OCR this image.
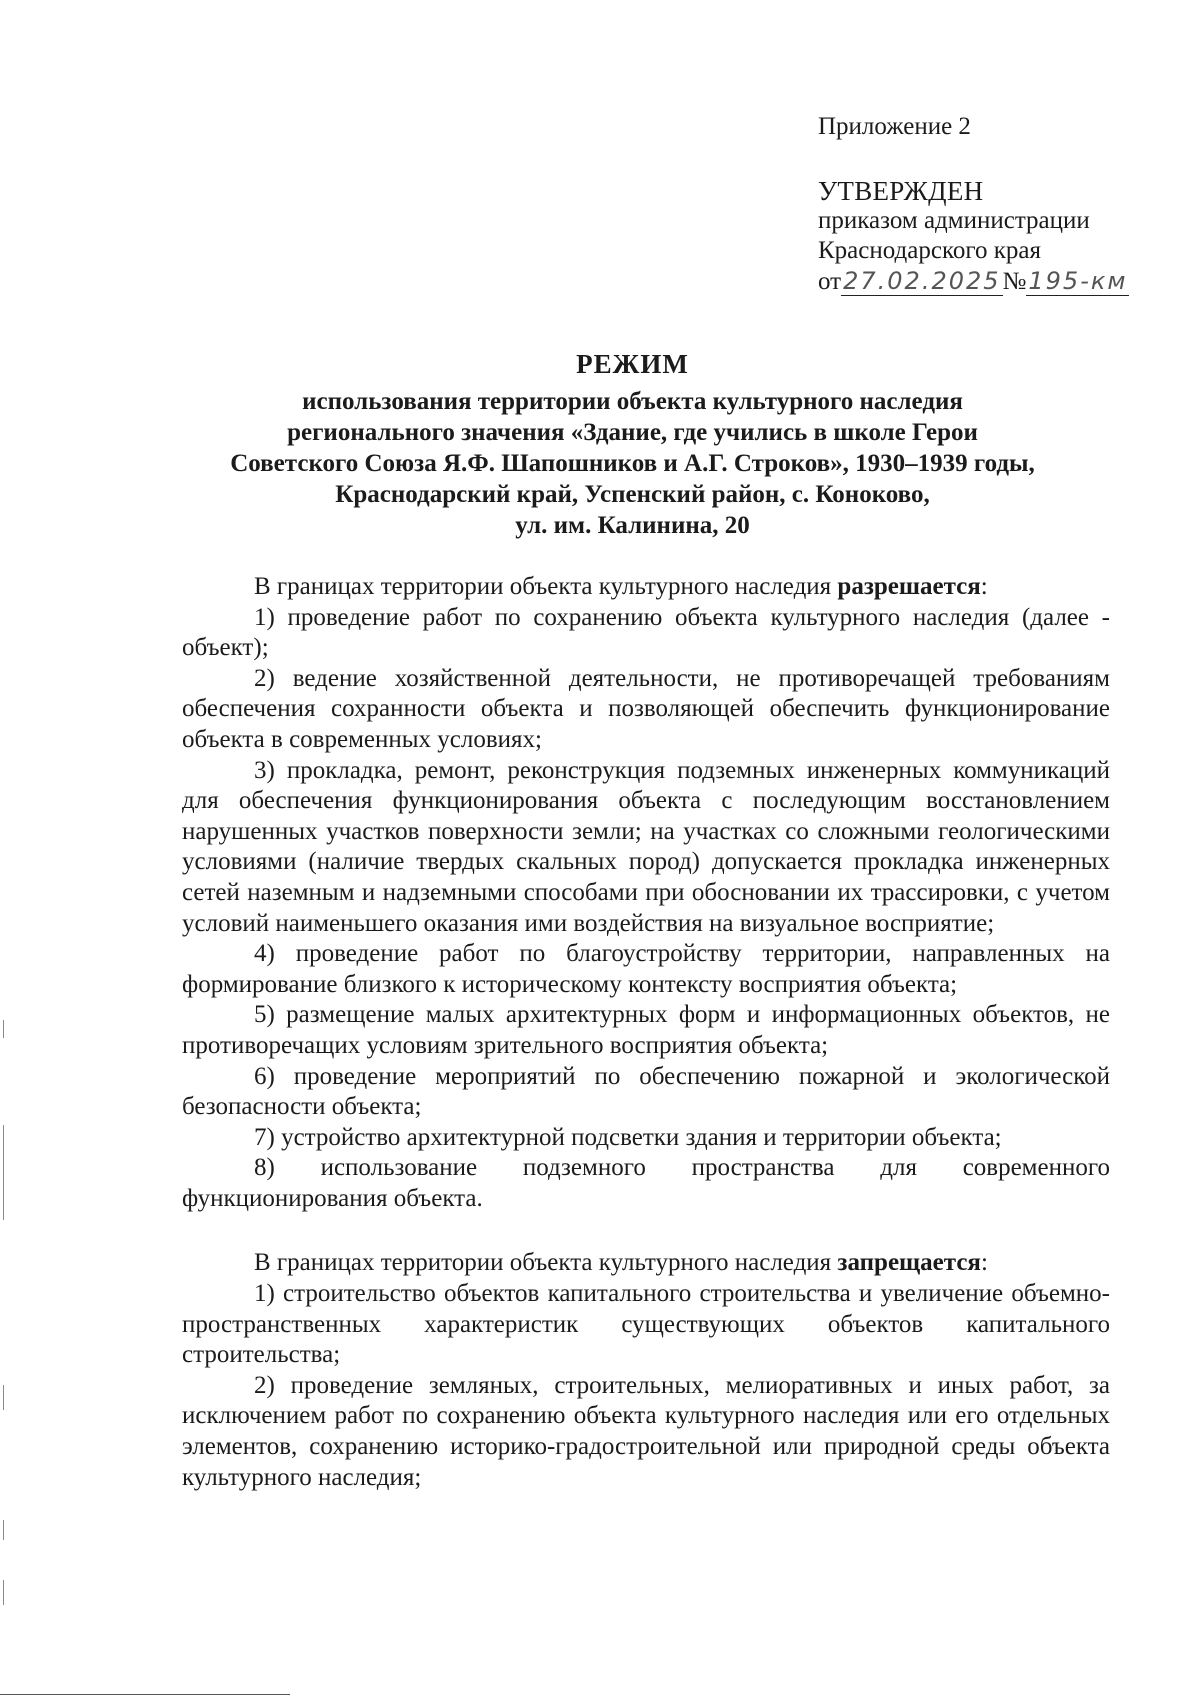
Приложение 2

УТВЕРЖДЕН

приказом администрации

Краснодарского края

от27.02.2025№195-км

РЕЖИМ

использования территории объекта культурного наследия

регионального значения «Здание, где учились в школе Герои

Советского Союза Я.Ф. Шапошников и А.Г. Строков», 1930–1939 годы,

Краснодарский край, Успенский район, с. Коноково,

ул. им. Калинина, 20

В границах территории объекта культурного наследия разрешается:

1) проведение работ по сохранению объекта культурного наследия (далее - объект);

2) ведение хозяйственной деятельности, не противоречащей требованиям обеспечения сохранности объекта и позволяющей обеспечить функционирование объекта в современных условиях;

3) прокладка, ремонт, реконструкция подземных инженерных коммуникаций для обеспечения функционирования объекта с последующим восстановлением нарушенных участков поверхности земли; на участках со сложными геологическими условиями (наличие твердых скальных пород) допускается прокладка инженерных сетей наземным и надземными способами при обосновании их трассировки, с учетом условий наименьшего оказания ими воздействия на визуальное восприятие;

4) проведение работ по благоустройству территории, направленных на формирование близкого к историческому контексту восприятия объекта;

5) размещение малых архитектурных форм и информационных объектов, не противоречащих условиям зрительного восприятия объекта;

6) проведение мероприятий по обеспечению пожарной и экологической безопасности объекта;

7) устройство архитектурной подсветки здания и территории объекта;

8) использование подземного пространства для современного функционирования объекта.

В границах территории объекта культурного наследия запрещается:

1) строительство объектов капитального строительства и увеличение объемно-пространственных характеристик существующих объектов капитального строительства;

2) проведение земляных, строительных, мелиоративных и иных работ, за исключением работ по сохранению объекта культурного наследия или его отдельных элементов, сохранению историко-градостроительной или природной среды объекта культурного наследия;
